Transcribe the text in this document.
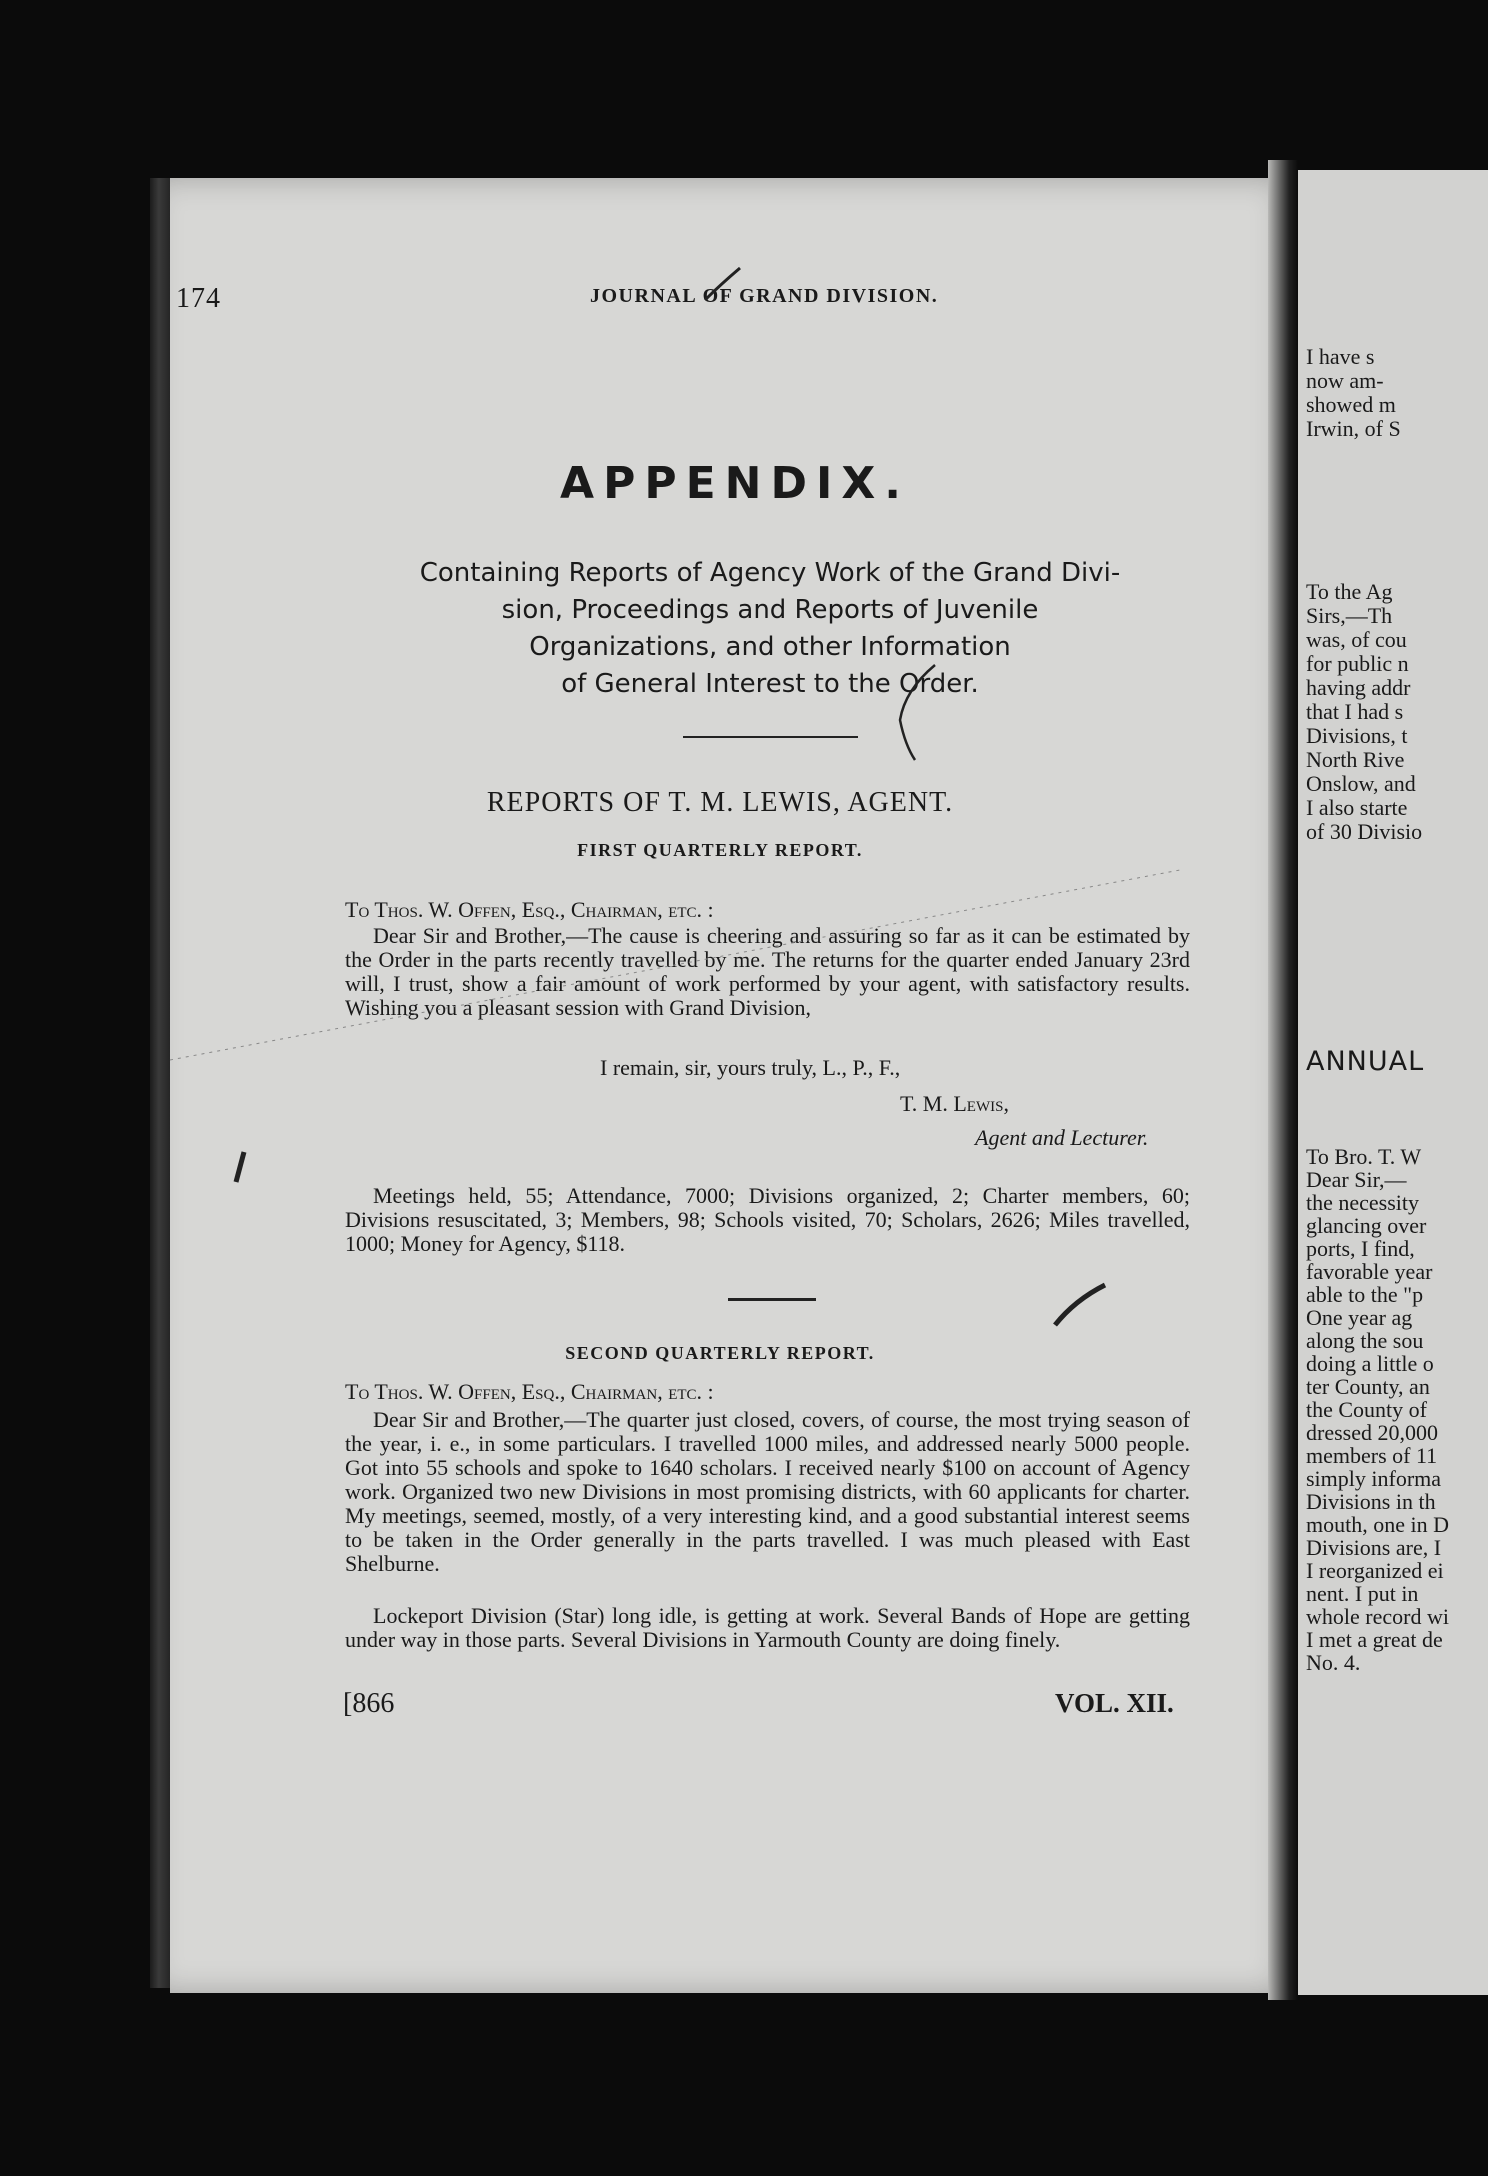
I have s
now am-
showed m
Irwin, of S
To the Ag
Sirs,—Th
was, of cou
for public n
having addr
that I had s
Divisions, t
North Rive
Onslow, and
I also starte
of 30 Divisio
ANNUAL
To Bro. T. W
Dear Sir,—
the necessity
glancing over
ports, I find,
favorable year
able to the "p
One year ag
along the sou
doing a little o
ter County, an
the County of
dressed 20,000
members of 11
simply informa
Divisions in th
mouth, one in D
Divisions are, I
I reorganized ei
nent. I put in
whole record wi
I met a great de
No. 4.
174	JOURNAL OF GRAND DIVISION.
APPENDIX.
Containing Reports of Agency Work of the Grand Divi-
sion, Proceedings and Reports of Juvenile
Organizations, and other Information
of General Interest to the Order.
REPORTS OF T. M. LEWIS, AGENT.
FIRST QUARTERLY REPORT.
To Thos. W. Offen, Esq., Chairman, etc. :
Dear Sir and Brother,—The cause is cheering and assuring so far as it can be estimated by the Order in the parts recently travelled by me. The returns for the quarter ended January 23rd will, I trust, show a fair amount of work performed by your agent, with satisfactory results. Wishing you a pleasant session with Grand Division,
I remain, sir, yours truly, L., P., F.,
T. M. Lewis,
Agent and Lecturer.
Meetings held, 55; Attendance, 7000; Divisions organized, 2; Charter members, 60; Divisions resuscitated, 3; Members, 98; Schools visited, 70; Scholars, 2626; Miles travelled, 1000; Money for Agency, $118.
SECOND QUARTERLY REPORT.
To Thos. W. Offen, Esq., Chairman, etc. :
Dear Sir and Brother,—The quarter just closed, covers, of course, the most trying season of the year, i. e., in some particulars. I travelled 1000 miles, and addressed nearly 5000 people. Got into 55 schools and spoke to 1640 scholars. I received nearly $100 on account of Agency work. Organized two new Divisions in most promising districts, with 60 applicants for charter. My meetings, seemed, mostly, of a very interesting kind, and a good substantial interest seems to be taken in the Order generally in the parts travelled. I was much pleased with East Shelburne.
Lockeport Division (Star) long idle, is getting at work. Several Bands of Hope are getting under way in those parts. Several Divisions in Yarmouth County are doing finely.
[866	VOL. XII.
